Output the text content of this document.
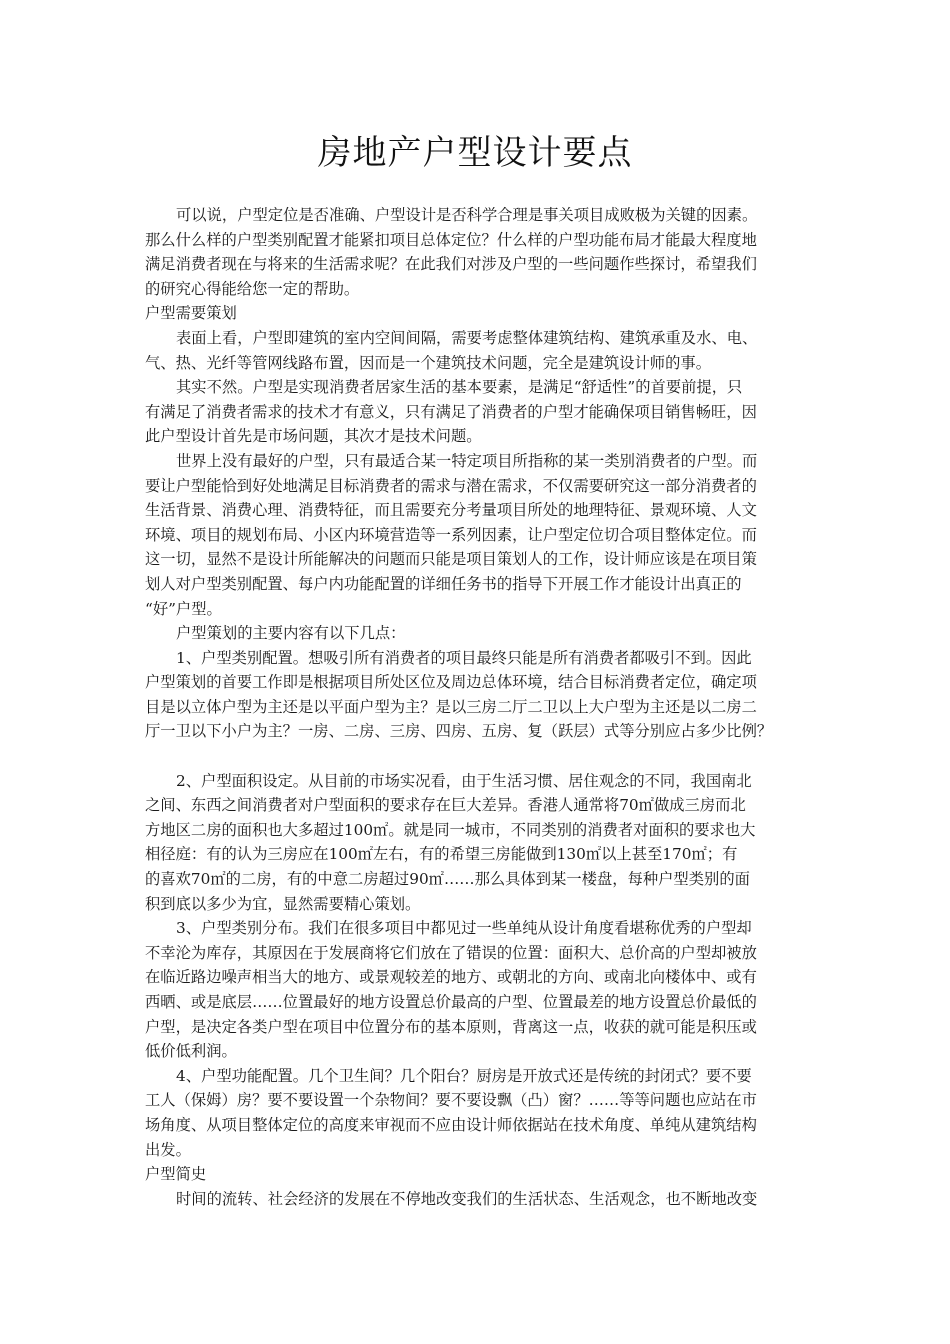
房地产户型设计要点
可以说，户型定位是否准确、户型设计是否科学合理是事关项目成败极为关键的因素。
那么什么样的户型类别配置才能紧扣项目总体定位？什么样的户型功能布局才能最大程度地
满足消费者现在与将来的生活需求呢？在此我们对涉及户型的一些问题作些探讨，希望我们
的研究心得能给您一定的帮助。
户型需要策划
表面上看，户型即建筑的室内空间间隔，需要考虑整体建筑结构、建筑承重及水、电、
气、热、光纤等管网线路布置，因而是一个建筑技术问题，完全是建筑设计师的事。
其实不然。户型是实现消费者居家生活的基本要素，是满足“舒适性”的首要前提，只
有满足了消费者需求的技术才有意义，只有满足了消费者的户型才能确保项目销售畅旺，因
此户型设计首先是市场问题，其次才是技术问题。
世界上没有最好的户型，只有最适合某一特定项目所指称的某一类别消费者的户型。而
要让户型能恰到好处地满足目标消费者的需求与潜在需求，不仅需要研究这一部分消费者的
生活背景、消费心理、消费特征，而且需要充分考量项目所处的地理特征、景观环境、人文
环境、项目的规划布局、小区内环境营造等一系列因素，让户型定位切合项目整体定位。而
这一切，显然不是设计所能解决的问题而只能是项目策划人的工作，设计师应该是在项目策
划人对户型类别配置、每户内功能配置的详细任务书的指导下开展工作才能设计出真正的
“好”户型。
户型策划的主要内容有以下几点：
1、户型类别配置。想吸引所有消费者的项目最终只能是所有消费者都吸引不到。因此
户型策划的首要工作即是根据项目所处区位及周边总体环境，结合目标消费者定位，确定项
目是以立体户型为主还是以平面户型为主？是以三房二厅二卫以上大户型为主还是以二房二
厅一卫以下小户为主？一房、二房、三房、四房、五房、复（跃层）式等分别应占多少比例？
2、户型面积设定。从目前的市场实况看，由于生活习惯、居住观念的不同，我国南北
之间、东西之间消费者对户型面积的要求存在巨大差异。香港人通常将70㎡做成三房而北
方地区二房的面积也大多超过100㎡。就是同一城市，不同类别的消费者对面积的要求也大
相径庭：有的认为三房应在100㎡左右，有的希望三房能做到130㎡以上甚至170㎡；有
的喜欢70㎡的二房，有的中意二房超过90㎡……那么具体到某一楼盘，每种户型类别的面
积到底以多少为宜，显然需要精心策划。
3、户型类别分布。我们在很多项目中都见过一些单纯从设计角度看堪称优秀的户型却
不幸沦为库存，其原因在于发展商将它们放在了错误的位置：面积大、总价高的户型却被放
在临近路边噪声相当大的地方、或景观较差的地方、或朝北的方向、或南北向楼体中、或有
西晒、或是底层……位置最好的地方设置总价最高的户型、位置最差的地方设置总价最低的
户型，是决定各类户型在项目中位置分布的基本原则，背离这一点，收获的就可能是积压或
低价低利润。
4、户型功能配置。几个卫生间？几个阳台？厨房是开放式还是传统的封闭式？要不要
工人（保姆）房？要不要设置一个杂物间？要不要设飘（凸）窗？……等等问题也应站在市
场角度、从项目整体定位的高度来审视而不应由设计师依据站在技术角度、单纯从建筑结构
出发。
户型简史
时间的流转、社会经济的发展在不停地改变我们的生活状态、生活观念，也不断地改变
